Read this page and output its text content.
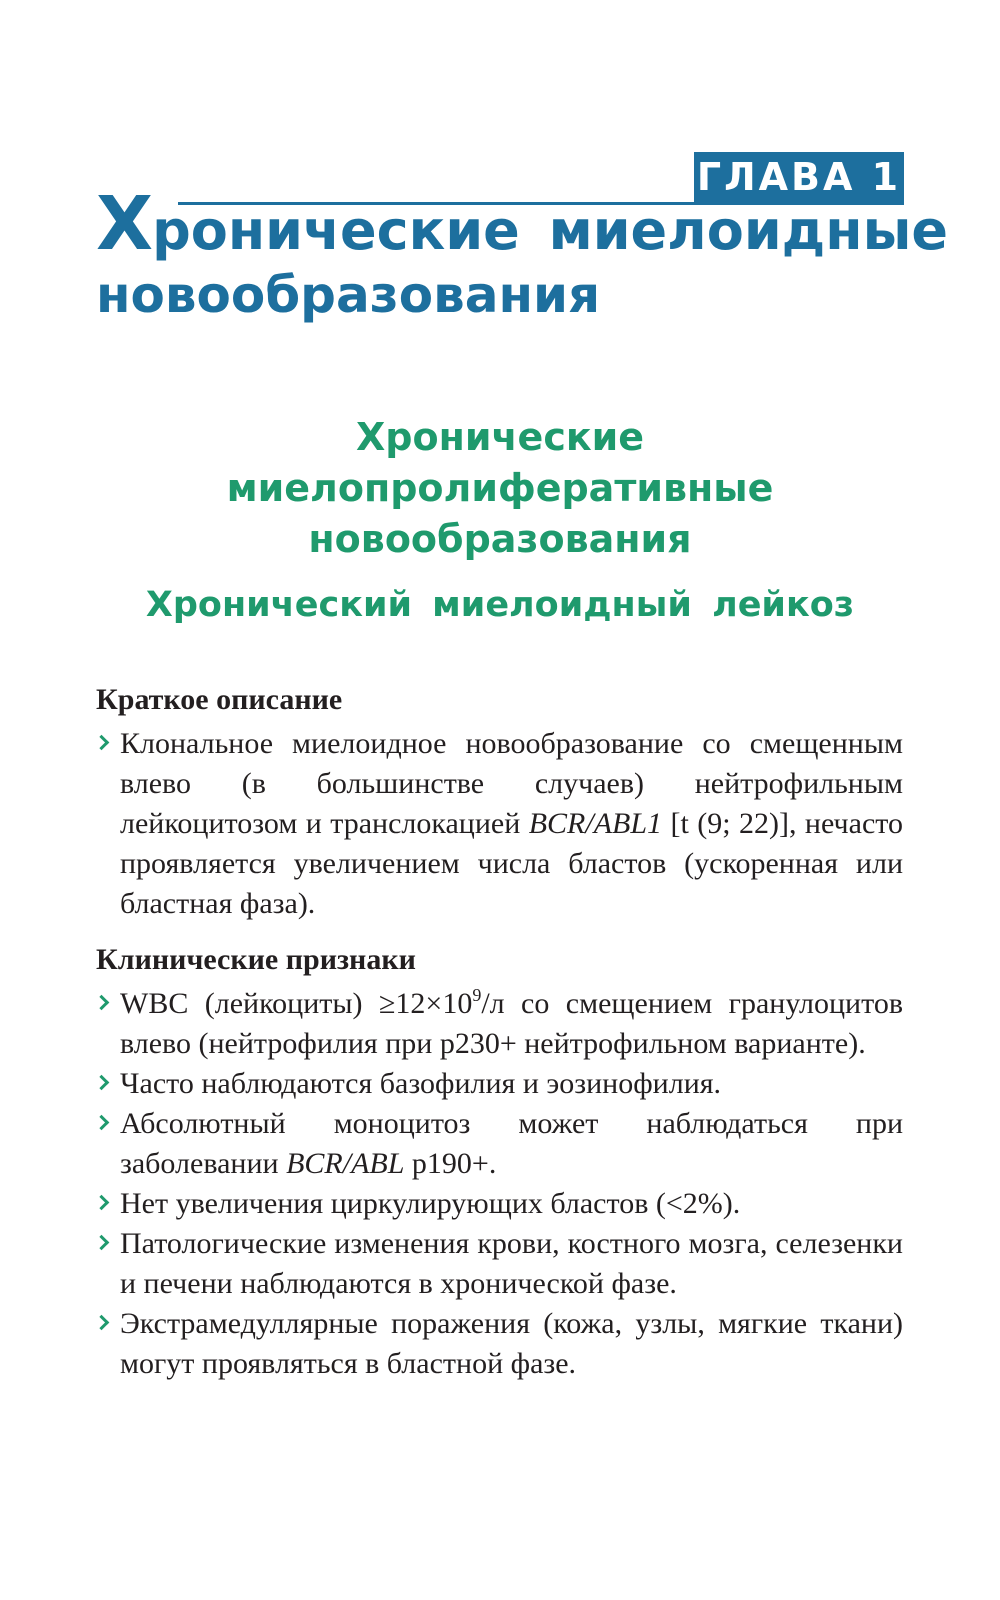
ГЛАВА 1
Хронические миелоидные
новообразования
Хронические
миелопролиферативные
новообразования
Хронический миелоидный лейкоз
Краткое описание
Клональное миелоидное новообразование со смещенным влево (в большинстве случаев) нейтрофильным лейкоцитозом и транслокацией BCR/ABL1 [t (9; 22)], нечасто проявляется увеличением числа бластов (ускоренная или бластная фаза).
Клинические признаки
WBC (лейкоциты) $\ge 12\times 10^9/л$ со смещением гранулоцитов влево (нейтрофилия при р230+ нейтрофильном варианте).
Часто наблюдаются базофилия и эозинофилия.
Абсолютный моноцитоз может наблюдаться при заболевании BCR/ABL р190+.
Нет увеличения циркулирующих бластов (<2%).
Патологические изменения крови, костного мозга, селезенки и печени наблюдаются в хронической фазе.
Экстрамедуллярные поражения (кожа, узлы, мягкие ткани) могут проявляться в бластной фазе.
